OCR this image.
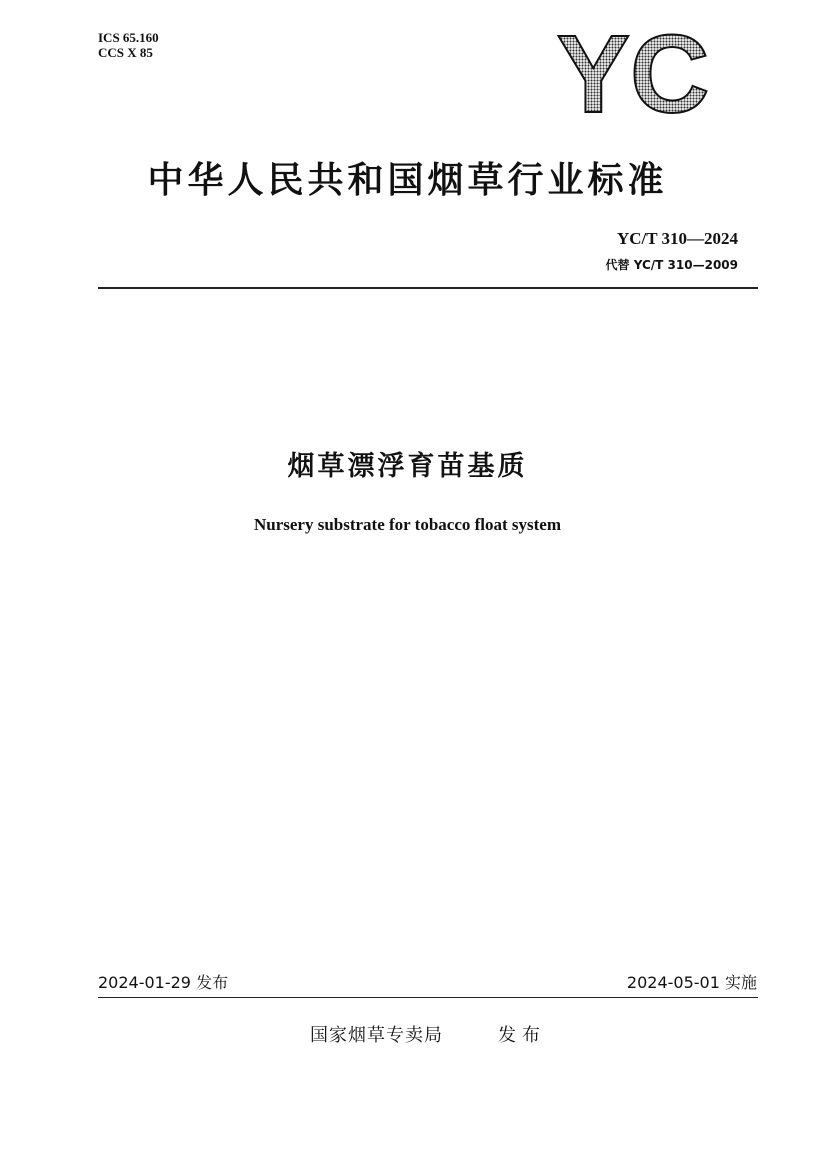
ICS 65.160
CCS X 85	YC
中华人民共和国烟草行业标准
YC/T 310—2024
代替 YC/T 310—2009
烟草漂浮育苗基质
Nursery substrate for tobacco float system
2024-01-29 发布	2024-05-01 实施
国家烟草专卖局	发布
